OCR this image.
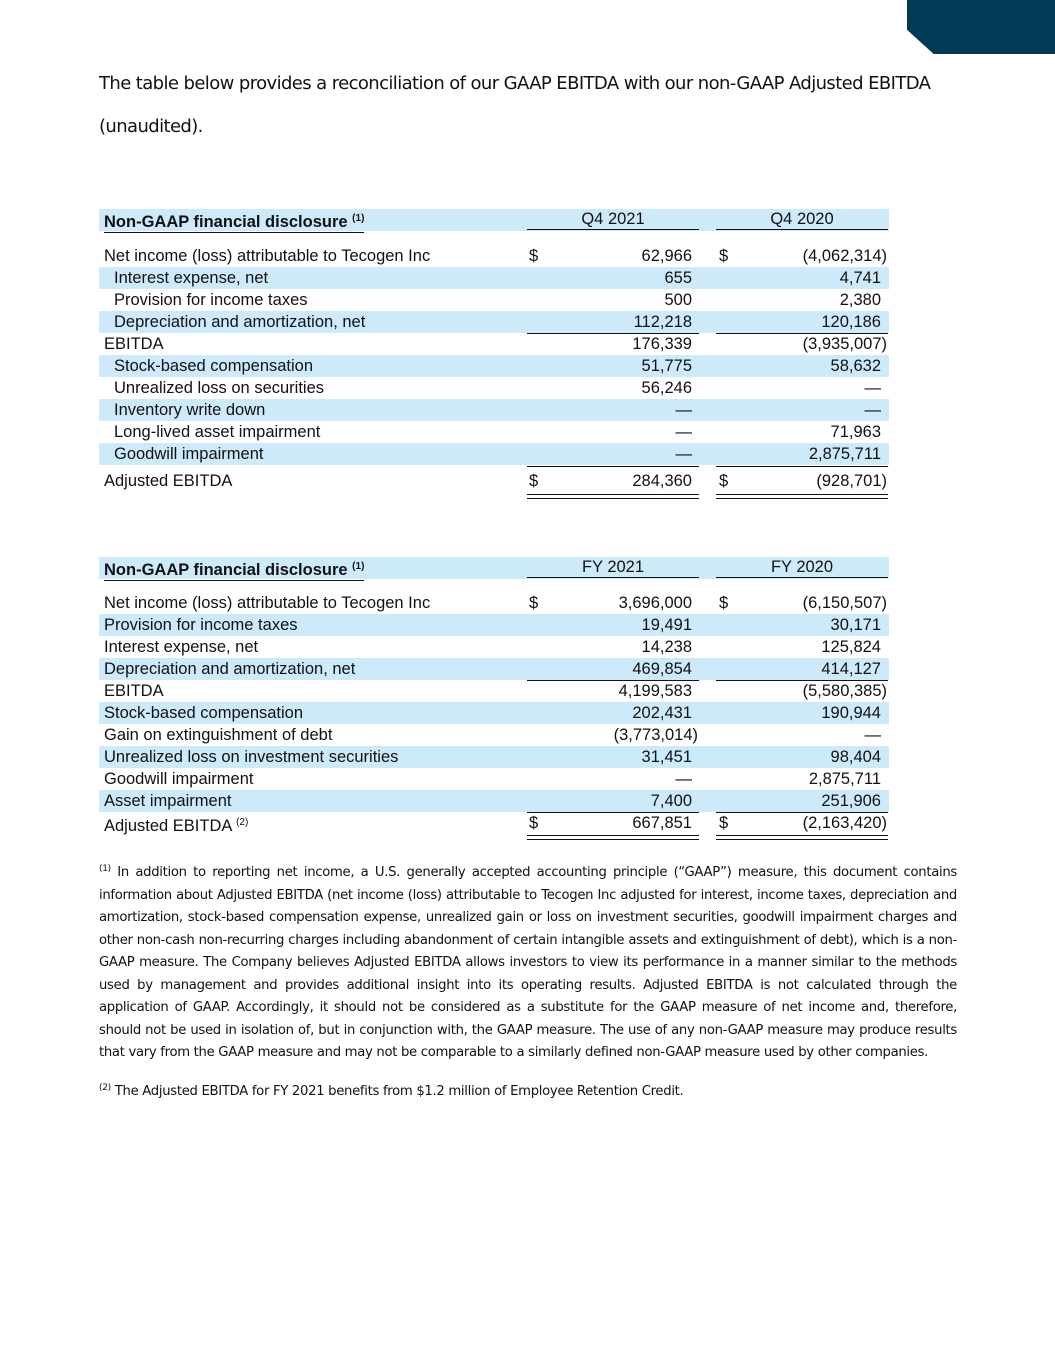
The table below provides a reconciliation of our GAAP EBITDA with our non-GAAP Adjusted EBITDA (unaudited).
Non-GAAP financial disclosure $^{(1)}$	Q4 2021	Q4 2020
Net income (loss) attributable to Tecogen Inc	$	62,966 $	(4,062,314)
Interest expense, net	655	4,741
Provision for income taxes	500	2,380
Depreciation and amortization, net	112,218	120,186
EBITDA	176,339	(3,935,007)
Stock-based compensation	51,775	58,632
Unrealized loss on securities	56,246	—
Inventory write down	—	—
Long-lived asset impairment	—	71,963
Goodwill impairment	—	2,875,711
Adjusted EBITDA	$	284,360 $	(928,701)
Non-GAAP financial disclosure $^{(1)}$	FY 2021	FY 2020
Net income (loss) attributable to Tecogen Inc	$	3,696,000 $	(6,150,507)
Provision for income taxes	19,491	30,171
Interest expense, net	14,238	125,824
Depreciation and amortization, net	469,854	414,127
EBITDA	4,199,583	(5,580,385)
Stock-based compensation	202,431	190,944
Gain on extinguishment of debt	(3,773,014)	—
Unrealized loss on investment securities	31,451	98,404
Goodwill impairment	—	2,875,711
Asset impairment	7,400	251,906
Adjusted EBITDA $^{(2)}$	$	667,851 $	(2,163,420)
$^{(1)}$ In addition to reporting net income, a U.S. generally accepted accounting principle (“GAAP”) measure, this document contains information about Adjusted EBITDA (net income (loss) attributable to Tecogen Inc adjusted for interest, income taxes, depreciation and amortization, stock-based compensation expense, unrealized gain or loss on investment securities, goodwill impairment charges and other non-cash non-recurring charges including abandonment of certain intangible assets and extinguishment of debt), which is a non-GAAP measure. The Company believes Adjusted EBITDA allows investors to view its performance in a manner similar to the methods used by management and provides additional insight into its operating results. Adjusted EBITDA is not calculated through the application of GAAP. Accordingly, it should not be considered as a substitute for the GAAP measure of net income and, therefore, should not be used in isolation of, but in conjunction with, the GAAP measure. The use of any non-GAAP measure may produce results that vary from the GAAP measure and may not be comparable to a similarly defined non-GAAP measure used by other companies.
$^{(2)}$ The Adjusted EBITDA for FY 2021 benefits from $1.2 million of Employee Retention Credit.
